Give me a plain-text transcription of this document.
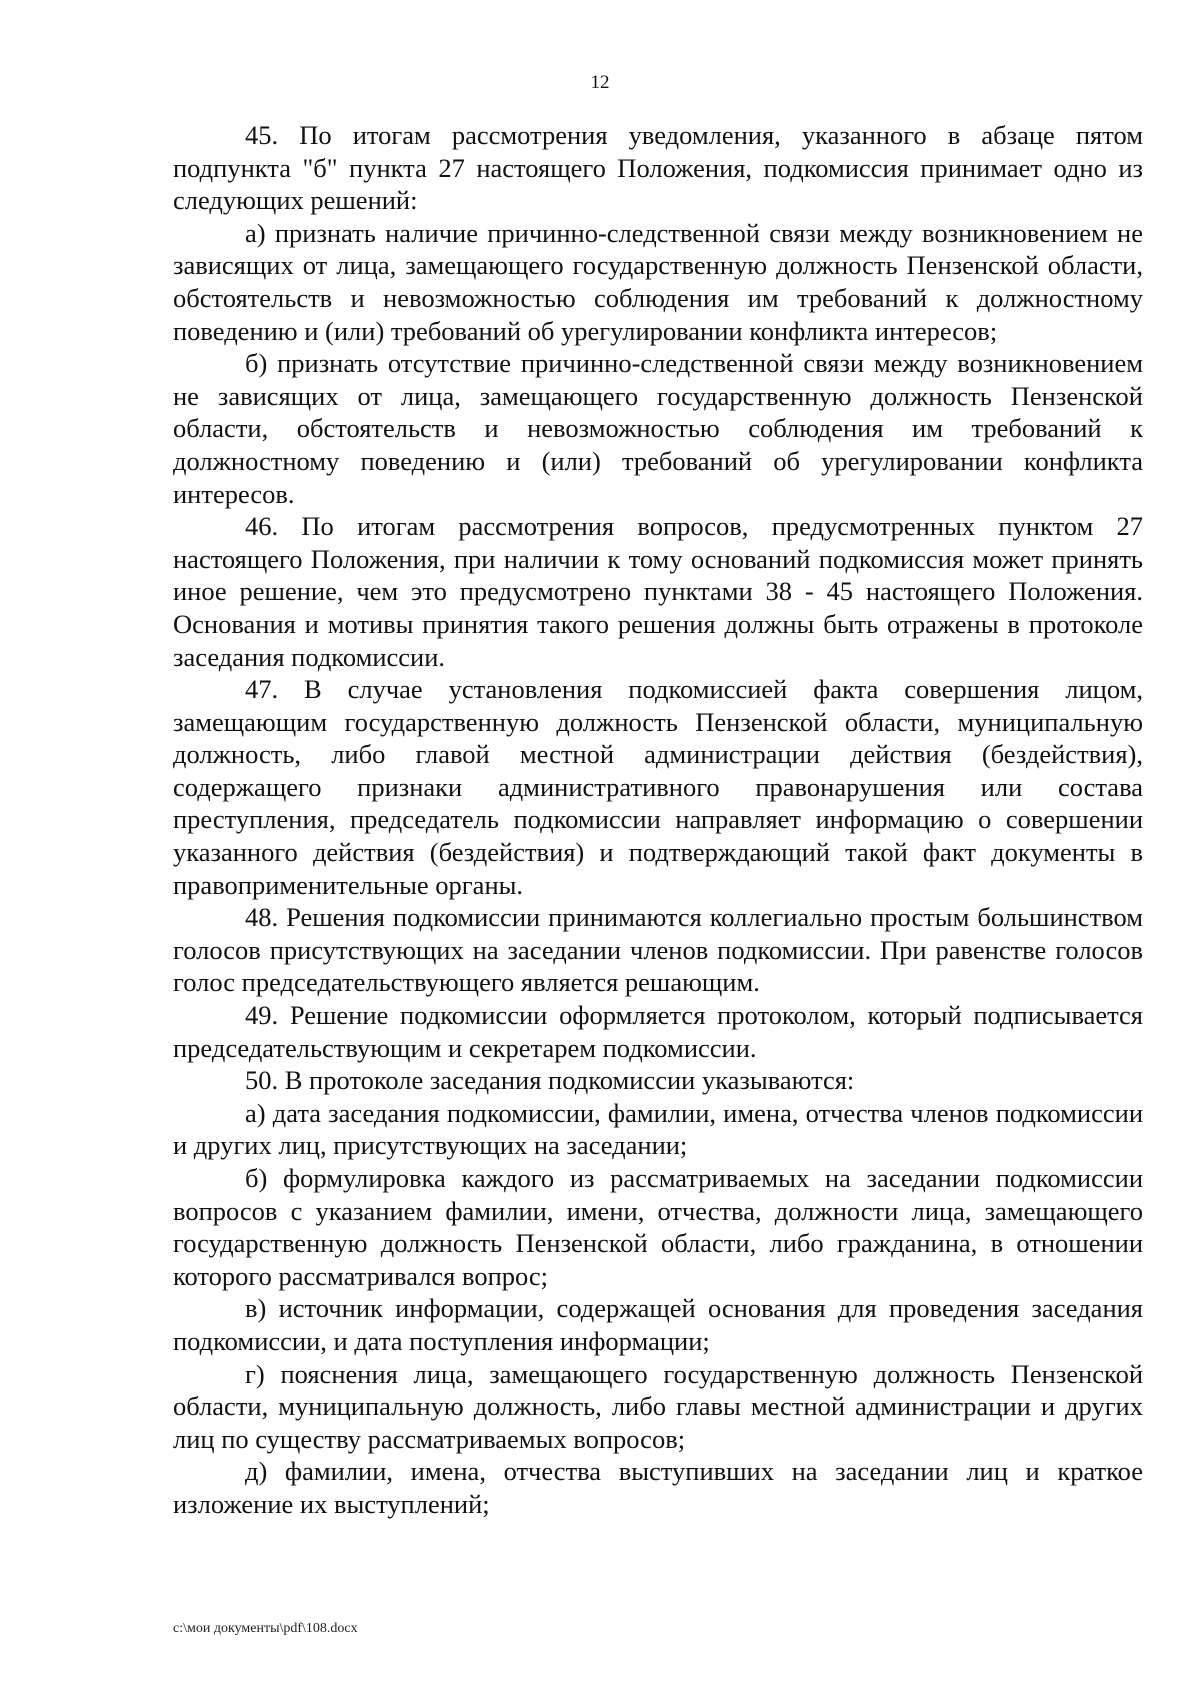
12

45. По итогам рассмотрения уведомления, указанного в абзаце пятом подпункта "б" пункта 27 настоящего Положения, подкомиссия принимает одно из следующих решений:

а) признать наличие причинно-следственной связи между возникновением не зависящих от лица, замещающего государственную должность Пензенской области, обстоятельств и невозможностью соблюдения им требований к должностному поведению и (или) требований об урегулировании конфликта интересов;

б) признать отсутствие причинно-следственной связи между возникновением не зависящих от лица, замещающего государственную должность Пензенской области, обстоятельств и невозможностью соблюдения им требований к должностному поведению и (или) требований об урегулировании конфликта интересов.

46. По итогам рассмотрения вопросов, предусмотренных пунктом 27 настоящего Положения, при наличии к тому оснований подкомиссия может принять иное решение, чем это предусмотрено пунктами 38 - 45 настоящего Положения. Основания и мотивы принятия такого решения должны быть отражены в протоколе заседания подкомиссии.

47. В случае установления подкомиссией факта совершения лицом, замещающим государственную должность Пензенской области, муниципальную должность, либо главой местной администрации действия (бездействия), содержащего признаки административного правонарушения или состава преступления, председатель подкомиссии направляет информацию о совершении указанного действия (бездействия) и подтверждающий такой факт документы в правоприменительные органы.

48. Решения подкомиссии принимаются коллегиально простым большинством голосов присутствующих на заседании членов подкомиссии. При равенстве голосов голос председательствующего является решающим.

49. Решение подкомиссии оформляется протоколом, который подписывается председательствующим и секретарем подкомиссии.

50. В протоколе заседания подкомиссии указываются:

а) дата заседания подкомиссии, фамилии, имена, отчества членов подкомиссии и других лиц, присутствующих на заседании;

б) формулировка каждого из рассматриваемых на заседании подкомиссии вопросов с указанием фамилии, имени, отчества, должности лица, замещающего государственную должность Пензенской области, либо гражданина, в отношении которого рассматривался вопрос;

в) источник информации, содержащей основания для проведения заседания подкомиссии, и дата поступления информации;

г) пояснения лица, замещающего государственную должность Пензенской области, муниципальную должность, либо главы местной администрации и других лиц по существу рассматриваемых вопросов;

д) фамилии, имена, отчества выступивших на заседании лиц и краткое изложение их выступлений;

c:\мои документы\pdf\108.docx
